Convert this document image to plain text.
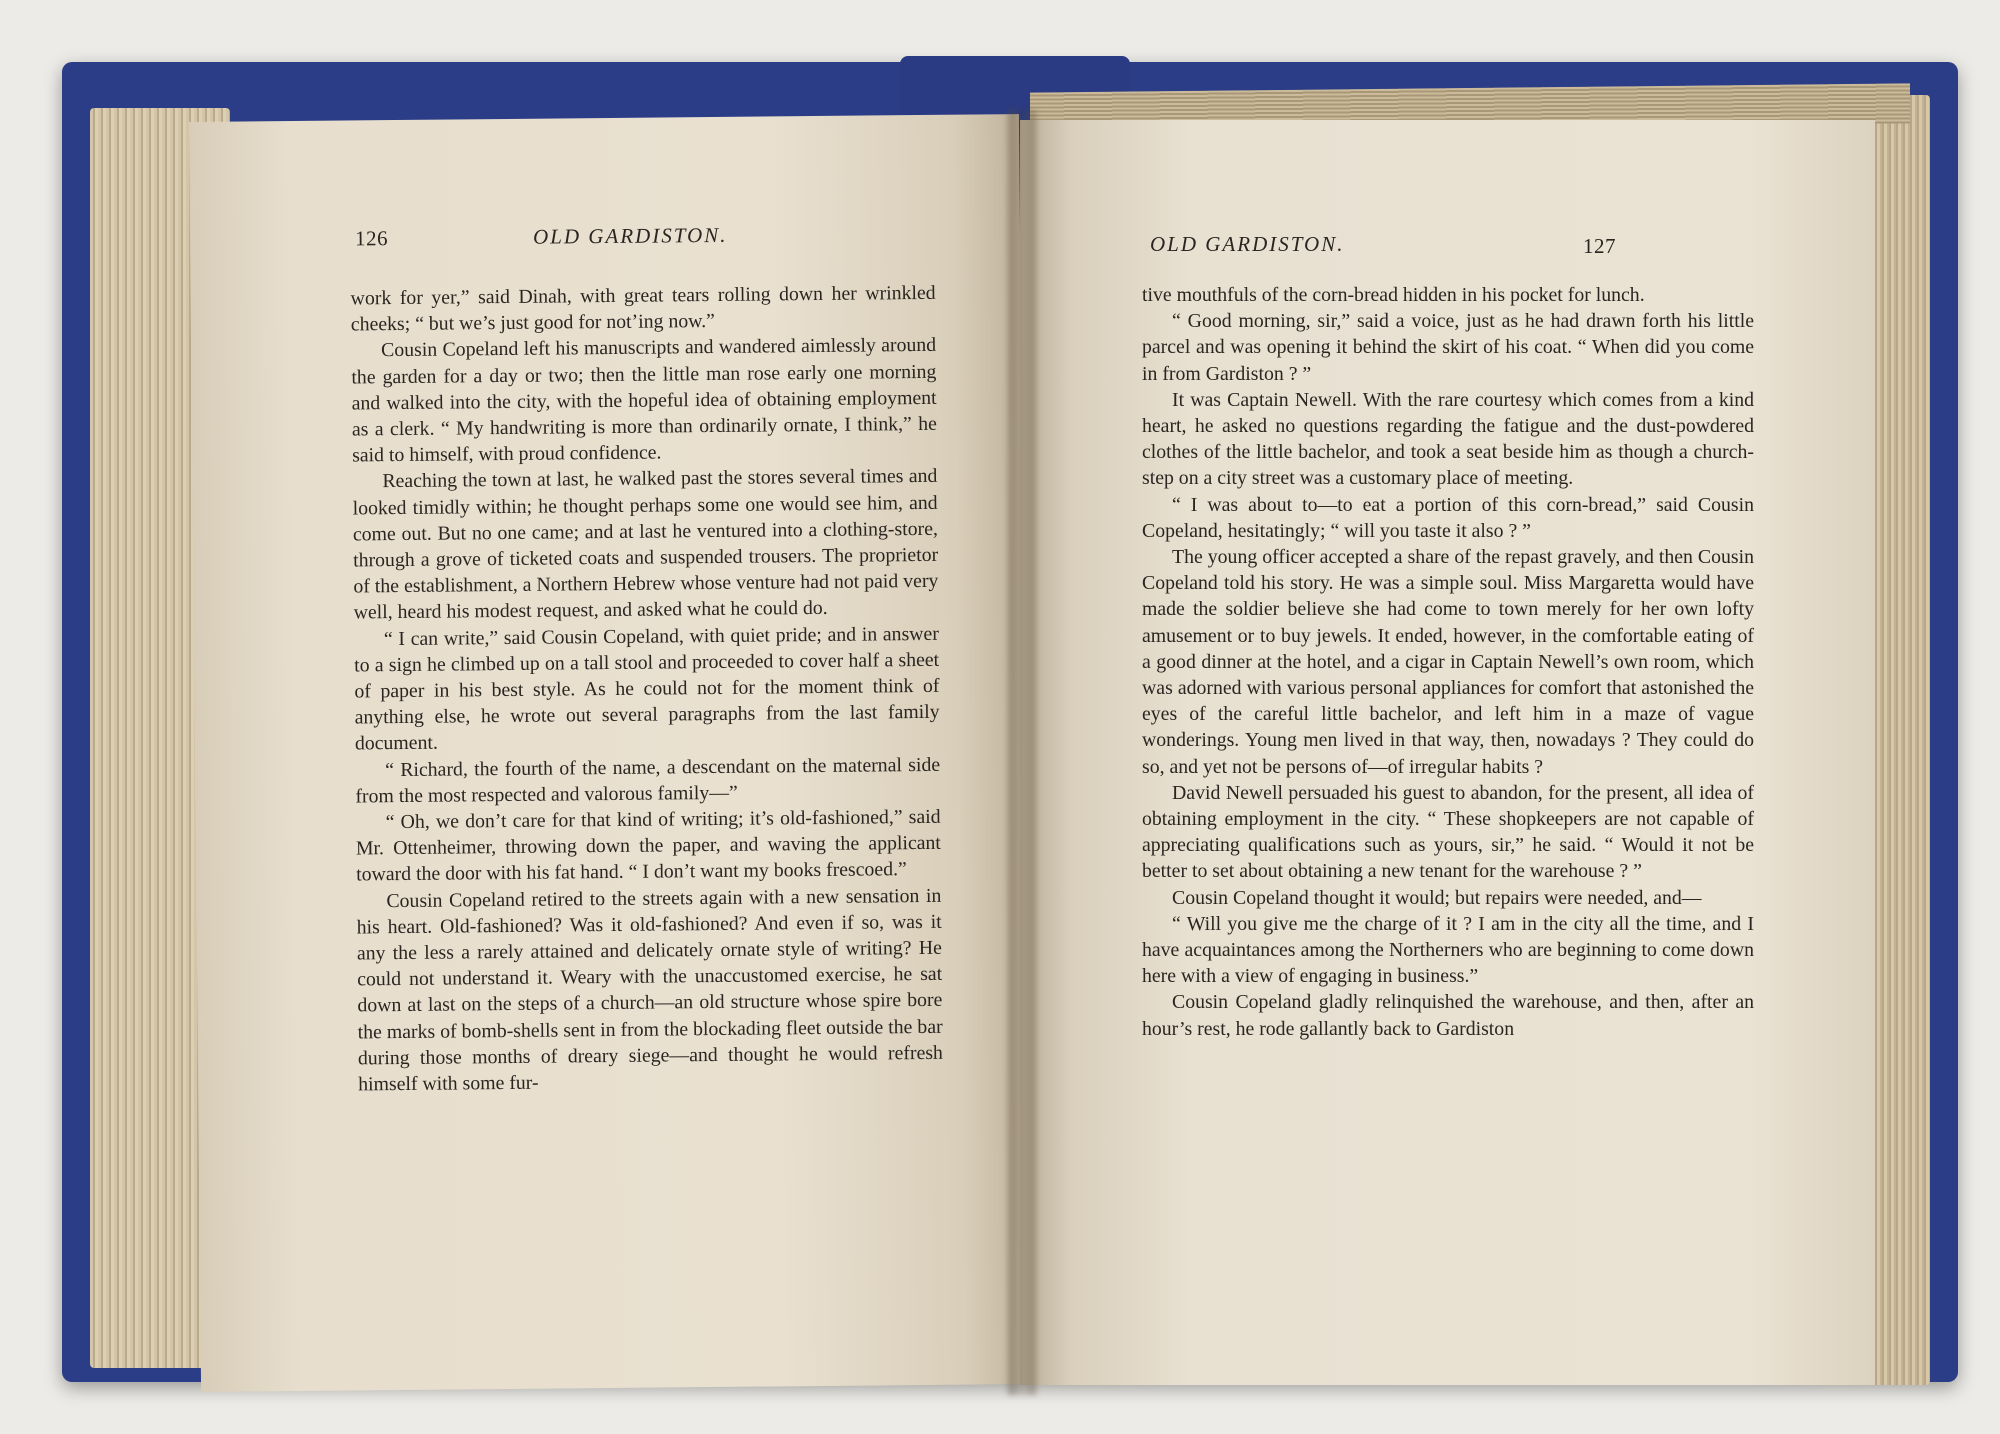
126	OLD GARDISTON.

work for yer,” said Dinah, with great tears rolling down her wrinkled cheeks; “ but we’s just good for not’ing now.”

Cousin Copeland left his manuscripts and wandered aimlessly around the garden for a day or two; then the little man rose early one morning and walked into the city, with the hopeful idea of obtaining employment as a clerk. “ My handwriting is more than ordinarily ornate, I think,” he said to himself, with proud confidence.

Reaching the town at last, he walked past the stores several times and looked timidly within; he thought perhaps some one would see him, and come out. But no one came; and at last he ventured into a clothing-store, through a grove of ticketed coats and suspended trousers. The proprietor of the establishment, a Northern Hebrew whose venture had not paid very well, heard his modest request, and asked what he could do.

“ I can write,” said Cousin Copeland, with quiet pride; and in answer to a sign he climbed up on a tall stool and proceeded to cover half a sheet of paper in his best style. As he could not for the moment think of anything else, he wrote out several paragraphs from the last family document.

“ Richard, the fourth of the name, a descendant on the maternal side from the most respected and valorous family—”

“ Oh, we don’t care for that kind of writing; it’s old-fashioned,” said Mr. Ottenheimer, throwing down the paper, and waving the applicant toward the door with his fat hand. “ I don’t want my books frescoed.”

Cousin Copeland retired to the streets again with a new sensation in his heart. Old-fashioned? Was it old-fashioned? And even if so, was it any the less a rarely attained and delicately ornate style of writing? He could not understand it. Weary with the unaccustomed exercise, he sat down at last on the steps of a church—an old structure whose spire bore the marks of bomb-shells sent in from the blockading fleet outside the bar during those months of dreary siege—and thought he would refresh himself with some fur-

OLD GARDISTON.	127

tive mouthfuls of the corn-bread hidden in his pocket for lunch.

“ Good morning, sir,” said a voice, just as he had drawn forth his little parcel and was opening it behind the skirt of his coat. “ When did you come in from Gardiston ? ”

It was Captain Newell. With the rare courtesy which comes from a kind heart, he asked no questions regarding the fatigue and the dust-powdered clothes of the little bachelor, and took a seat beside him as though a church-step on a city street was a customary place of meeting.

“ I was about to—to eat a portion of this corn-bread,” said Cousin Copeland, hesitatingly; “ will you taste it also ? ”

The young officer accepted a share of the repast gravely, and then Cousin Copeland told his story. He was a simple soul. Miss Margaretta would have made the soldier believe she had come to town merely for her own lofty amusement or to buy jewels. It ended, however, in the comfortable eating of a good dinner at the hotel, and a cigar in Captain Newell’s own room, which was adorned with various personal appliances for comfort that astonished the eyes of the careful little bachelor, and left him in a maze of vague wonderings. Young men lived in that way, then, nowadays ? They could do so, and yet not be persons of—of irregular habits ?

David Newell persuaded his guest to abandon, for the present, all idea of obtaining employment in the city. “ These shopkeepers are not capable of appreciating qualifications such as yours, sir,” he said. “ Would it not be better to set about obtaining a new tenant for the warehouse ? ”

Cousin Copeland thought it would; but repairs were needed, and—

“ Will you give me the charge of it ? I am in the city all the time, and I have acquaintances among the Northerners who are beginning to come down here with a view of engaging in business.”

Cousin Copeland gladly relinquished the warehouse, and then, after an hour’s rest, he rode gallantly back to Gardiston
